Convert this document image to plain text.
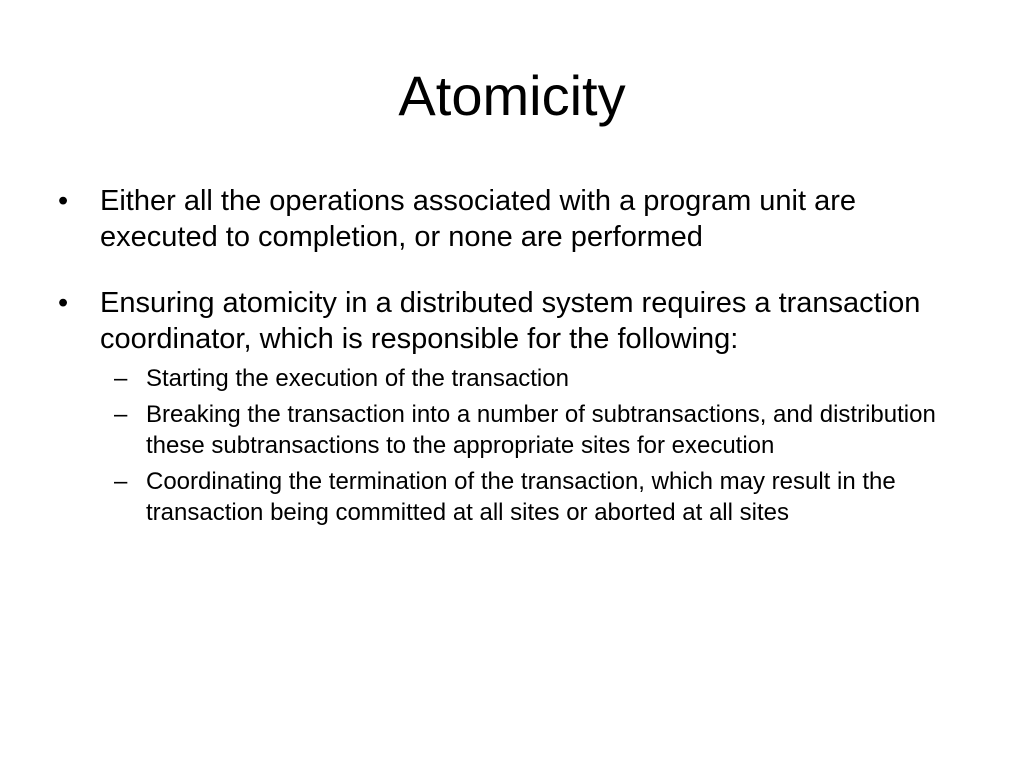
Atomicity
•	Either all the operations associated with a program unit are executed to completion, or none are performed
•	Ensuring atomicity in a distributed system requires a transaction coordinator, which is responsible for the following:
– Starting the execution of the transaction
– Breaking the transaction into a number of subtransactions, and distribution these subtransactions to the appropriate sites for execution
– Coordinating the termination of the transaction, which may result in the transaction being committed at all sites or aborted at all sites
